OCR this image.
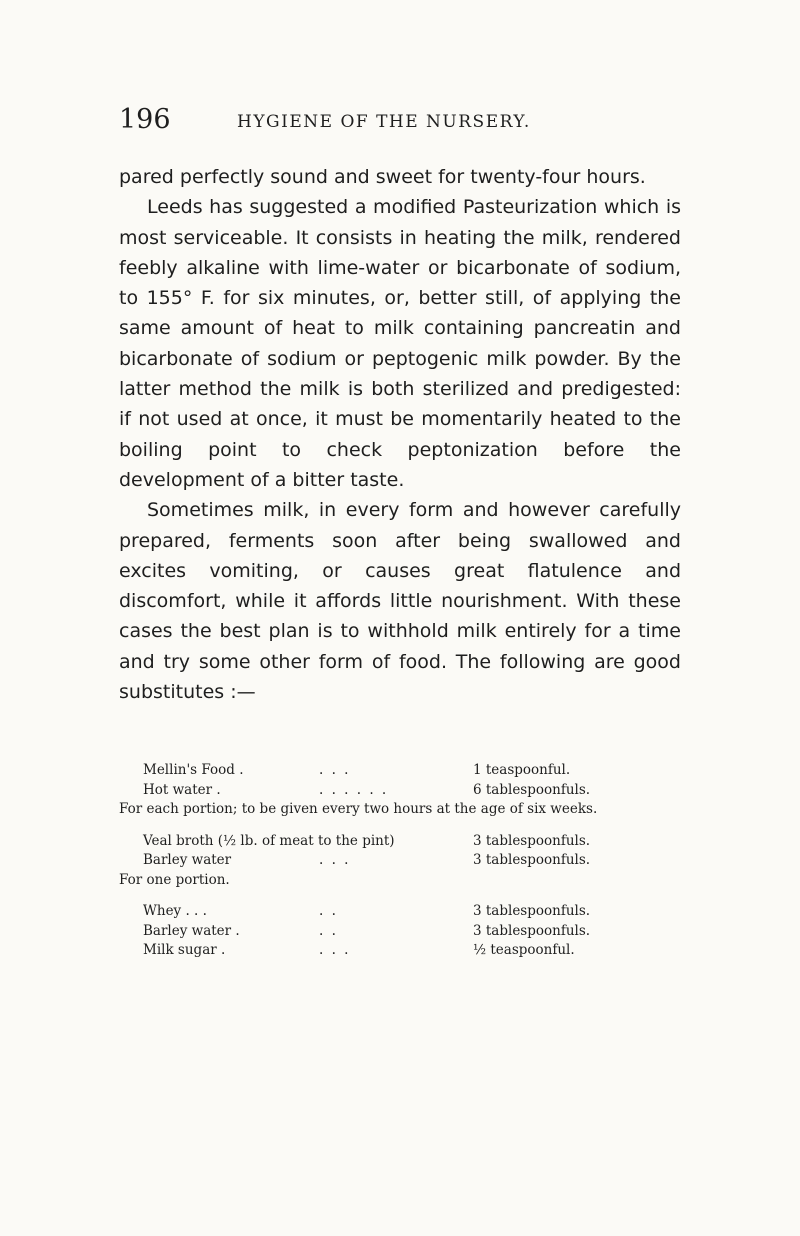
196	HYGIENE OF THE NURSERY.

pared perfectly sound and sweet for twenty-four hours.

Leeds has suggested a modified Pasteurization which is most serviceable. It consists in heating the milk, rendered feebly alkaline with lime-water or bicarbonate of sodium, to 155° F. for six minutes, or, better still, of applying the same amount of heat to milk containing pancreatin and bicarbonate of sodium or peptogenic milk powder. By the latter method the milk is both sterilized and predigested: if not used at once, it must be momentarily heated to the boiling point to check peptonization before the development of a bitter taste.

Sometimes milk, in every form and however carefully prepared, ferments soon after being swallowed and excites vomiting, or causes great flatulence and discomfort, while it affords little nourishment. With these cases the best plan is to withhold milk entirely for a time and try some other form of food. The following are good substitutes :—

Mellin's Food .	. . .	1 teaspoonful.
Hot water .	. . . . . .	6 tablespoonfuls.
For each portion; to be given every two hours at the age of six weeks.
Veal broth (½ lb. of meat to the pint)	3 tablespoonfuls.
Barley water	. . .	3 tablespoonfuls.
For one portion.
Whey . . .	. .	3 tablespoonfuls.
Barley water .	. .	3 tablespoonfuls.
Milk sugar .	. . .	½ teaspoonful.
